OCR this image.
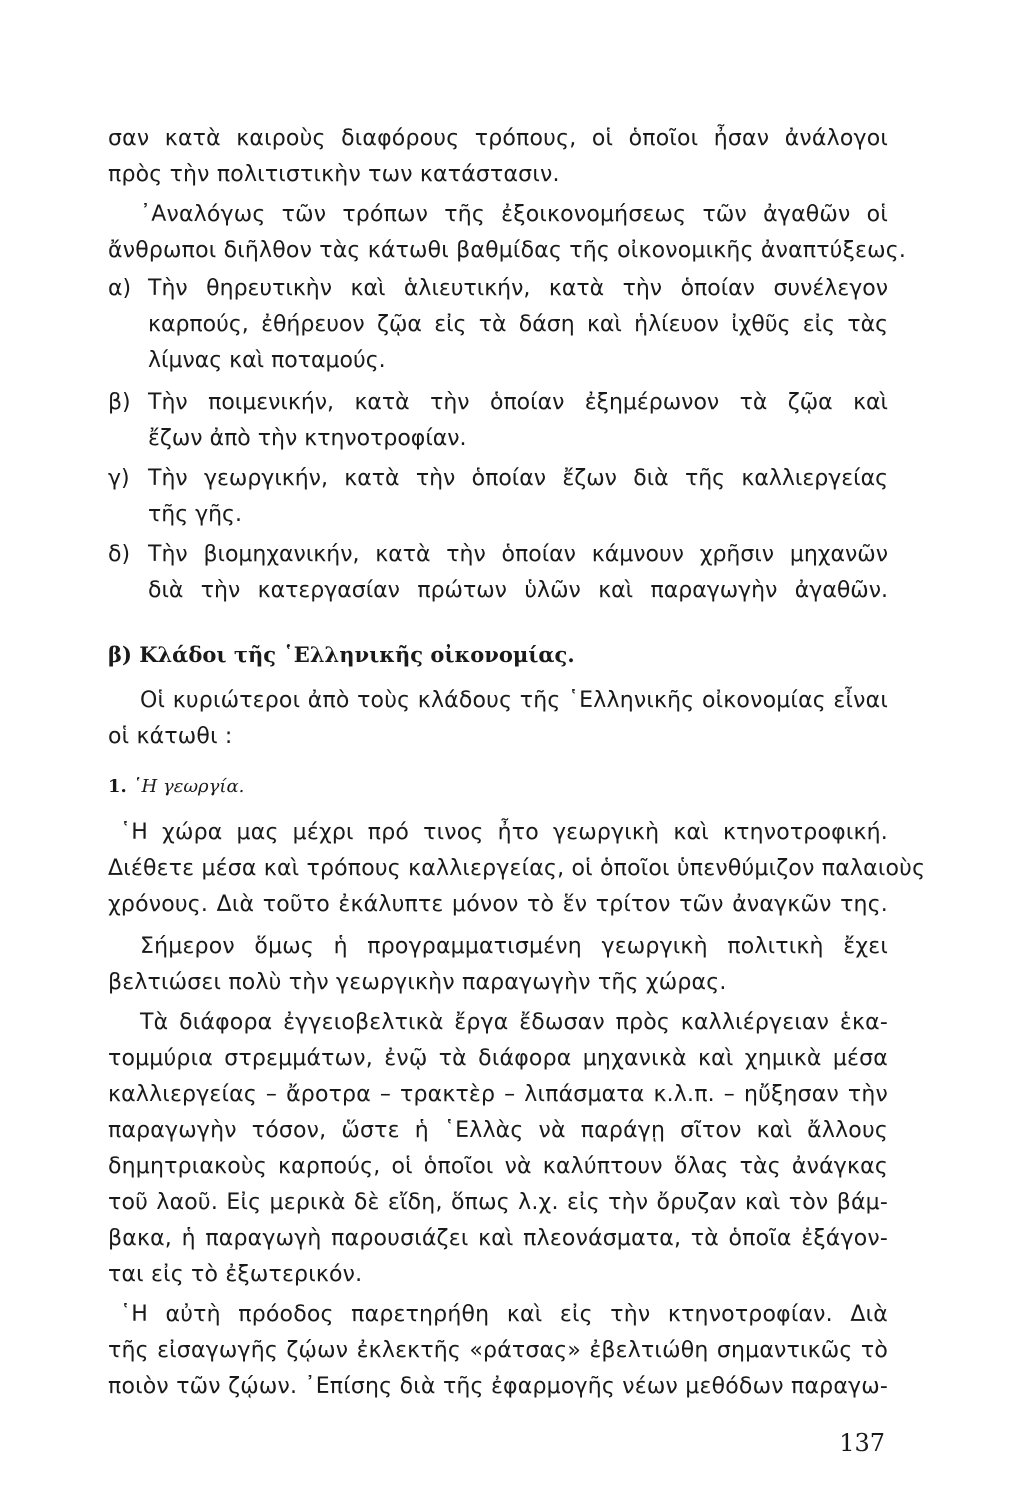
σαν κατὰ καιροὺς διαφόρους τρόπους, οἱ ὁποῖοι ἦσαν ἀνάλογοι
πρὸς τὴν πολιτιστικὴν των κατάστασιν.
᾽Αναλόγως τῶν τρόπων τῆς ἐξοικονομήσεως τῶν ἀγαθῶν οἱ
ἄνθρωποι διῆλθον τὰς κάτωθι βαθμίδας τῆς οἰκονομικῆς ἀναπτύξεως.
α) Τὴν θηρευτικὴν καὶ ἁλιευτικήν, κατὰ τὴν ὁποίαν συνέλεγον
καρπούς, ἐθήρευον ζῷα εἰς τὰ δάση καὶ ἡλίευον ἰχθῦς εἰς τὰς
λίμνας καὶ ποταμούς.
β) Τὴν ποιμενικήν, κατὰ τὴν ὁποίαν ἐξημέρωνον τὰ ζῷα καὶ
ἔζων ἀπὸ τὴν κτηνοτροφίαν.
γ) Τὴν γεωργικήν, κατὰ τὴν ὁποίαν ἔζων διὰ τῆς καλλιεργείας
τῆς γῆς.
δ) Τὴν βιομηχανικήν, κατὰ τὴν ὁποίαν κάμνουν χρῆσιν μηχανῶν
διὰ τὴν κατεργασίαν πρώτων ὑλῶν καὶ παραγωγὴν ἀγαθῶν.
β) Κλάδοι τῆς ῾Ελληνικῆς οἰκονομίας.
Οἱ κυριώτεροι ἀπὸ τοὺς κλάδους τῆς ῾Ελληνικῆς οἰκονομίας εἶναι
οἱ κάτωθι :
1. ῾Η γεωργία.
῾Η χώρα μας μέχρι πρό τινος ἦτο γεωργικὴ καὶ κτηνοτροφική.
Διέθετε μέσα καὶ τρόπους καλλιεργείας, οἱ ὁποῖοι ὑπενθύμιζον παλαιοὺς
χρόνους. Διὰ τοῦτο ἐκάλυπτε μόνον τὸ ἕν τρίτον τῶν ἀναγκῶν της.
Σήμερον ὅμως ἡ προγραμματισμένη γεωργικὴ πολιτικὴ ἔχει
βελτιώσει πολὺ τὴν γεωργικὴν παραγωγὴν τῆς χώρας.
Τὰ διάφορα ἐγγειοβελτικὰ ἔργα ἔδωσαν πρὸς καλλιέργειαν ἑκα-
τομμύρια στρεμμάτων, ἐνῷ τὰ διάφορα μηχανικὰ καὶ χημικὰ μέσα
καλλιεργείας – ἄροτρα – τρακτὲρ – λιπάσματα κ.λ.π. – ηὔξησαν τὴν
παραγωγὴν τόσον, ὥστε ἡ ῾Ελλὰς νὰ παράγῃ σῖτον καὶ ἄλλους
δημητριακοὺς καρπούς, οἱ ὁποῖοι νὰ καλύπτουν ὅλας τὰς ἀνάγκας
τοῦ λαοῦ. Εἰς μερικὰ δὲ εἴδη, ὅπως λ.χ. εἰς τὴν ὄρυζαν καὶ τὸν βάμ-
βακα, ἡ παραγωγὴ παρουσιάζει καὶ πλεονάσματα, τὰ ὁποῖα ἐξάγον-
ται εἰς τὸ ἐξωτερικόν.
῾Η αὐτὴ πρόοδος παρετηρήθη καὶ εἰς τὴν κτηνοτροφίαν. Διὰ
τῆς εἰσαγωγῆς ζῴων ἐκλεκτῆς «ράτσας» ἐβελτιώθη σημαντικῶς τὸ
ποιὸν τῶν ζῴων. ᾽Επίσης διὰ τῆς ἐφαρμογῆς νέων μεθόδων παραγω-
137
